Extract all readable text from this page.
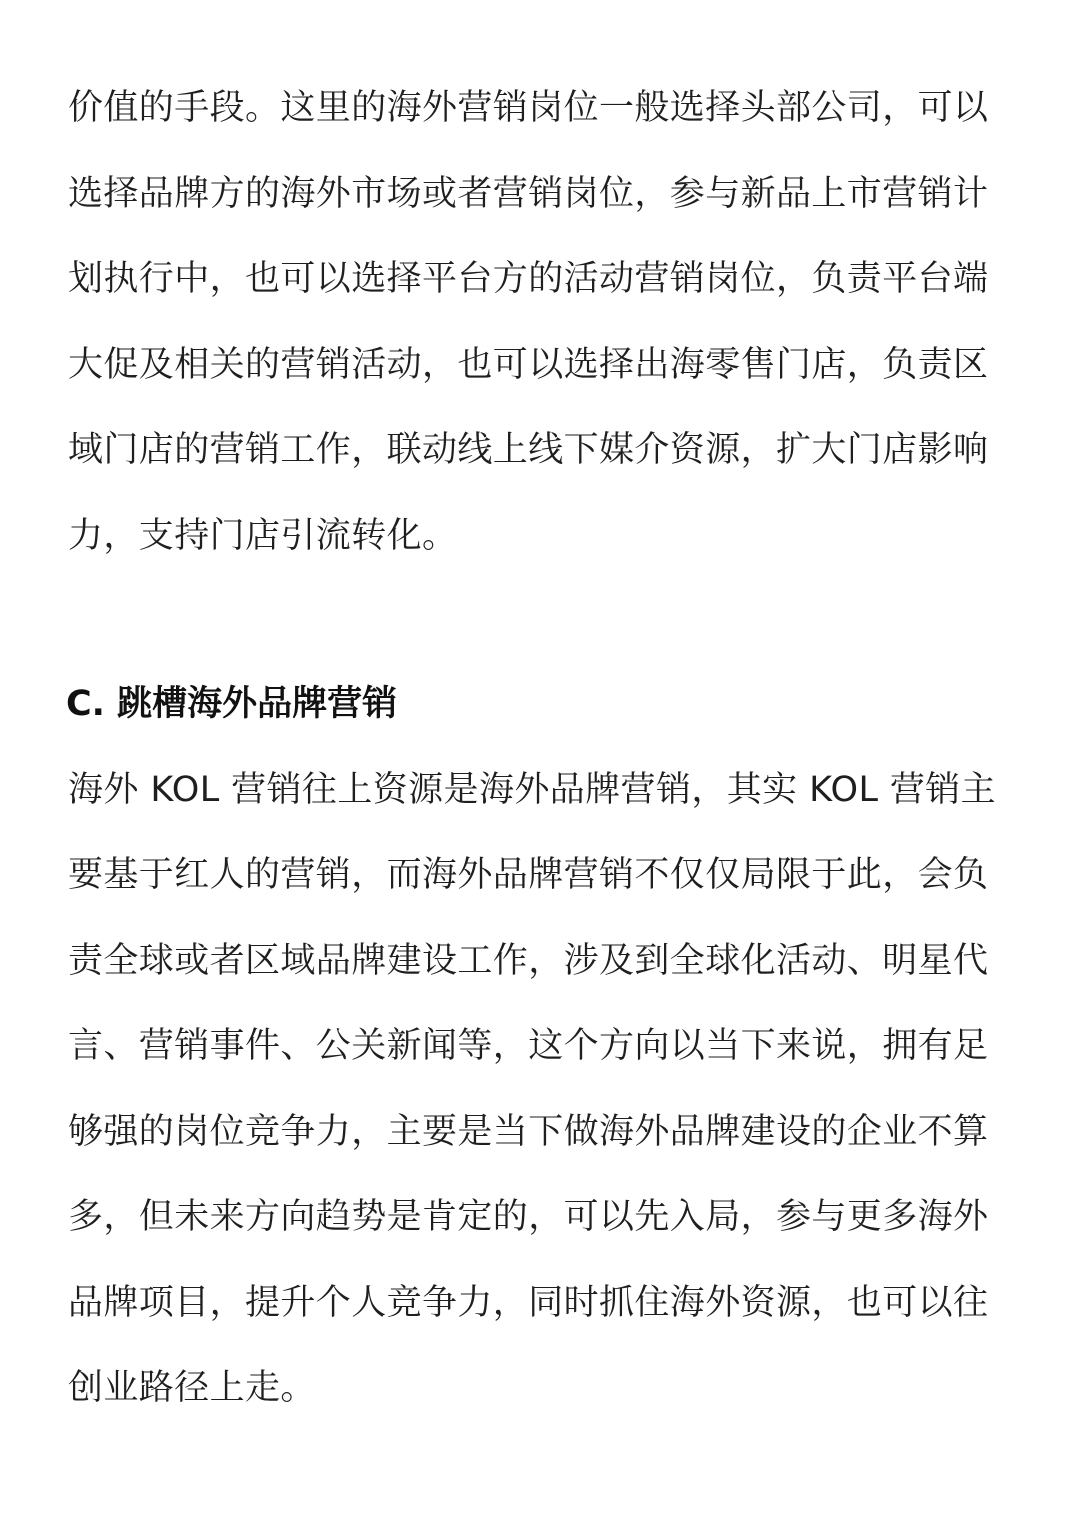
价值的手段。这里的海外营销岗位一般选择头部公司，可以
选择品牌方的海外市场或者营销岗位，参与新品上市营销计
划执行中，也可以选择平台方的活动营销岗位，负责平台端
大促及相关的营销活动，也可以选择出海零售门店，负责区
域门店的营销工作，联动线上线下媒介资源，扩大门店影响
力，支持门店引流转化。
C. 跳槽海外品牌营销
海外 KOL 营销往上资源是海外品牌营销，其实 KOL 营销主
要基于红人的营销，而海外品牌营销不仅仅局限于此，会负
责全球或者区域品牌建设工作，涉及到全球化活动、明星代
言、营销事件、公关新闻等，这个方向以当下来说，拥有足
够强的岗位竞争力，主要是当下做海外品牌建设的企业不算
多，但未来方向趋势是肯定的，可以先入局，参与更多海外
品牌项目，提升个人竞争力，同时抓住海外资源，也可以往
创业路径上走。
